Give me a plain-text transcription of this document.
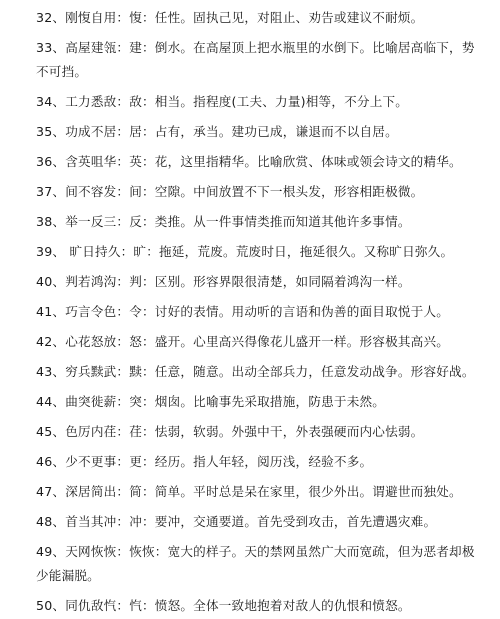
32、刚愎自用：愎：任性。固执己见，对阻止、劝告或建议不耐烦。
33、高屋建瓴：建：倒水。在高屋顶上把水瓶里的水倒下。比喻居高临下，势不可挡。
34、工力悉敌：敌：相当。指程度(工夫、力量)相等，不分上下。
35、功成不居：居：占有，承当。建功已成，谦退而不以自居。
36、含英咀华：英：花，这里指精华。比喻欣赏、体味或领会诗文的精华。
37、间不容发：间：空隙。中间放置不下一根头发，形容相距极微。
38、举一反三：反：类推。从一件事情类推而知道其他许多事情。
39、 旷日持久：旷：拖延，荒废。荒废时日，拖延很久。又称旷日弥久。
40、判若鸿沟：判：区别。形容界限很清楚，如同隔着鸿沟一样。
41、巧言令色：令：讨好的表情。用动听的言语和伪善的面目取悦于人。
42、心花怒放：怒：盛开。心里高兴得像花儿盛开一样。形容极其高兴。
43、穷兵黩武：黩：任意，随意。出动全部兵力，任意发动战争。形容好战。
44、曲突徙薪：突：烟囱。比喻事先采取措施，防患于未然。
45、色厉内荏：荏：怯弱，软弱。外强中干，外表强硬而内心怯弱。
46、少不更事：更：经历。指人年轻，阅历浅，经验不多。
47、深居简出：简：简单。平时总是呆在家里，很少外出。谓避世而独处。
48、首当其冲：冲：要冲，交通要道。首先受到攻击，首先遭遇灾难。
49、天网恢恢：恢恢：宽大的样子。天的禁网虽然广大而宽疏，但为恶者却极少能漏脱。
50、同仇敌忾：忾：愤怒。全体一致地抱着对敌人的仇恨和愤怒。
